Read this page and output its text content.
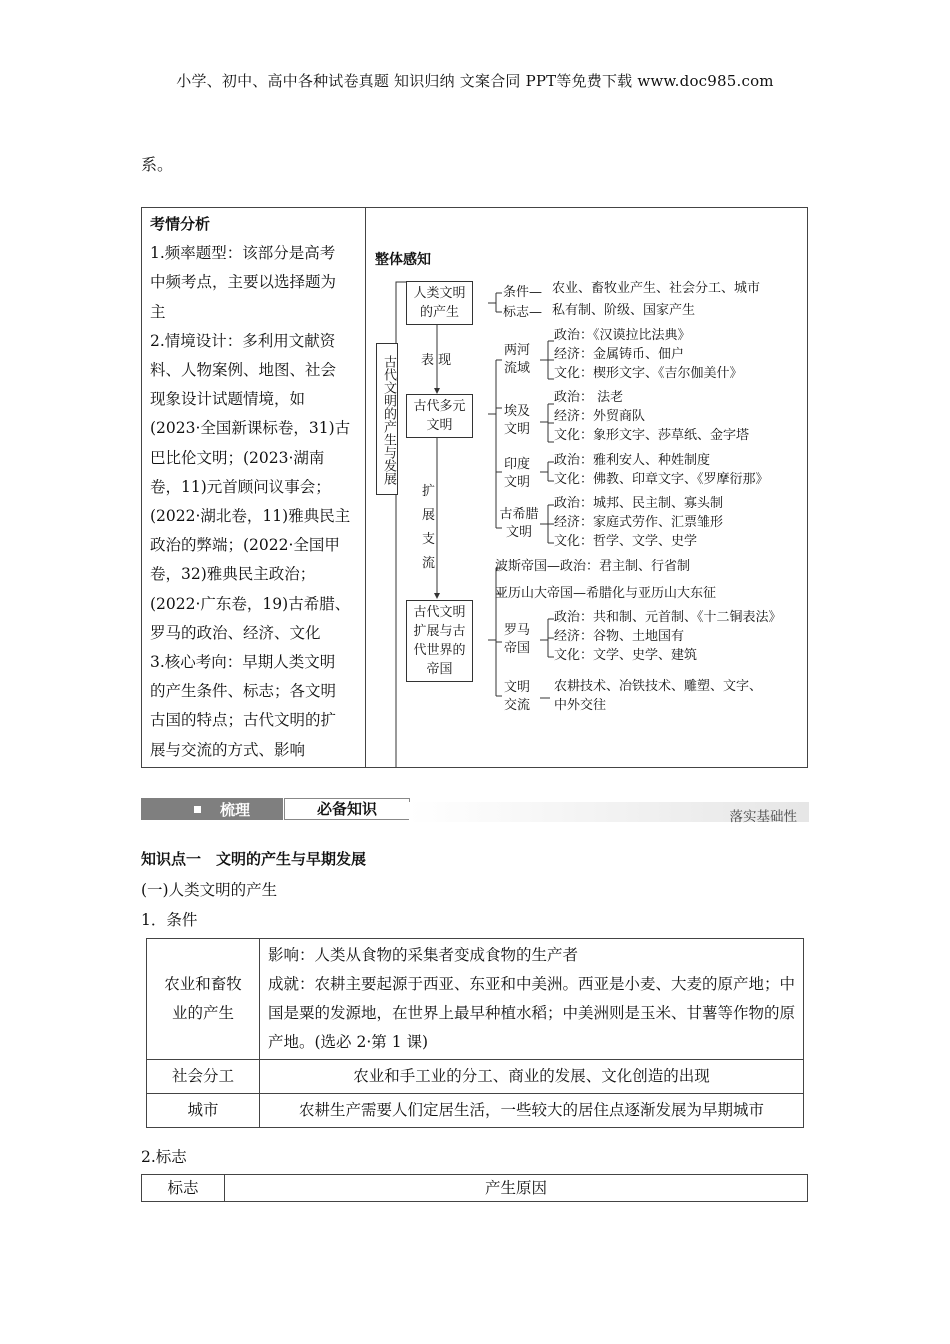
小学、初中、高中各种试卷真题 知识归纳 文案合同 PPT等免费下载 www.doc985.com
系。
考情分析
1.频率题型：该部分是高考
中频考点，主要以选择题为
主
2.情境设计：多利用文献资
料、人物案例、地图、社会
现象设计试题情境，如
(2023·全国新课标卷，31)古
巴比伦文明；(2023·湖南
卷，11)元首顾问议事会；
(2022·湖北卷，11)雅典民主
政治的弊端；(2022·全国甲
卷，32)雅典民主政治；
(2022·广东卷，19)古希腊、
罗马的政治、经济、文化
3.核心考向：早期人类文明
的产生条件、标志；各文明
古国的特点；古代文明的扩
展与交流的方式、影响
整体感知
古代文明的产生与发展
人类文明的产生
表 现
古代多元文明
扩 展 支 流
古代文明扩展与古代世界的帝国
条件— 农业、畜牧业产生、社会分工、城市
标志— 私有制、阶级、国家产生
两河流域
政治：《汉谟拉比法典》
经济：金属铸币、佃户
文化：楔形文字、《吉尔伽美什》
埃及文明
政治： 法老
经济：外贸商队
文化：象形文字、莎草纸、金字塔
印度文明
政治：雅利安人、种姓制度
文化：佛教、印章文字、《罗摩衍那》
古希腊文明
政治：城邦、民主制、寡头制
经济：家庭式劳作、汇票雏形
文化：哲学、文学、史学
波斯帝国—政治：君主制、行省制
亚历山大帝国—希腊化与亚历山大东征
罗马帝国
政治：共和制、元首制、《十二铜表法》
经济：谷物、土地国有
文化：文学、史学、建筑
文明交流
农耕技术、冶铁技术、雕塑、文字、
中外交往
梳理	必备知识	落实基础性
知识点一　文明的产生与早期发展
(一)人类文明的产生
1．条件
农业和畜牧业的产生	影响：人类从食物的采集者变成食物的生产者
成就：农耕主要起源于西亚、东亚和中美洲。西亚是小麦、大麦的原产地；中国是粟的发源地，在世界上最早种植水稻；中美洲则是玉米、甘薯等作物的原产地。(选必 2·第 1 课)

社会分工	农业和手工业的分工、商业的发展、文化创造的出现
城市	农耕生产需要人们定居生活，一些较大的居住点逐渐发展为早期城市
2.标志
标志	产生原因
